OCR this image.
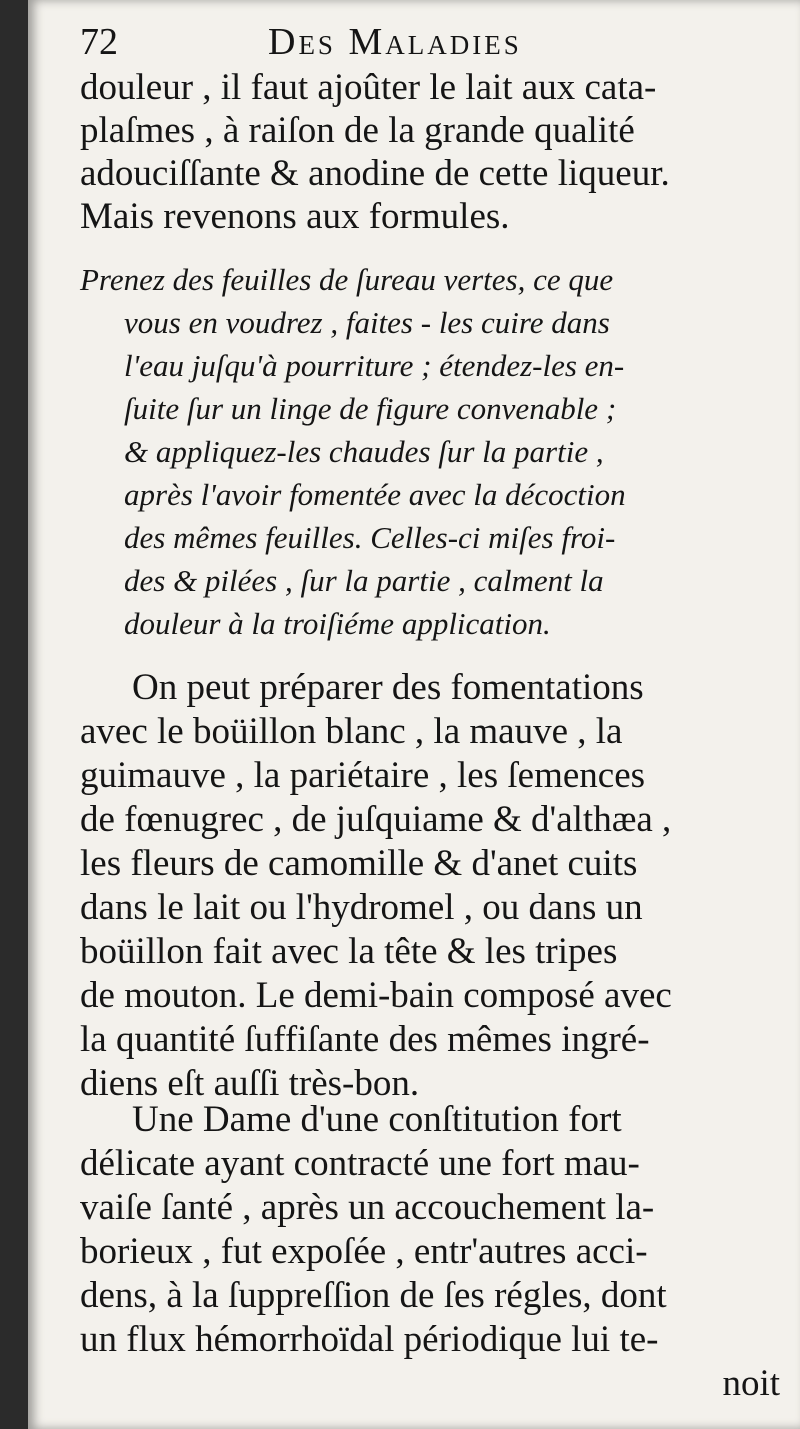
72	Des Maladies
douleur , il faut ajoûter le lait aux cata-
plaſmes , à raiſon de la grande qualité
adouciſſante & anodine de cette liqueur.
Mais revenons aux formules.
Prenez des feuilles de ſureau vertes, ce que
vous en voudrez , faites - les cuire dans
l'eau juſqu'à pourriture ; étendez-les en-
ſuite ſur un linge de figure convenable ;
& appliquez-les chaudes ſur la partie ,
après l'avoir fomentée avec la décoction
des mêmes feuilles. Celles-ci miſes froi-
des & pilées , ſur la partie , calment la
douleur à la troiſiéme application.
On peut préparer des fomentations
avec le boüillon blanc , la mauve , la
guimauve , la pariétaire , les ſemences
de fœnugrec , de juſquiame & d'althæa ,
les fleurs de camomille & d'anet cuits
dans le lait ou l'hydromel , ou dans un
boüillon fait avec la tête & les tripes
de mouton. Le demi-bain composé avec
la quantité ſuffiſante des mêmes ingré-
diens eſt auſſi très-bon.
Une Dame d'une conſtitution fort
délicate ayant contracté une fort mau-
vaiſe ſanté , après un accouchement la-
borieux , fut expoſée , entr'autres acci-
dens, à la ſuppreſſion de ſes régles, dont
un flux hémorrhoïdal périodique lui te-
noit
